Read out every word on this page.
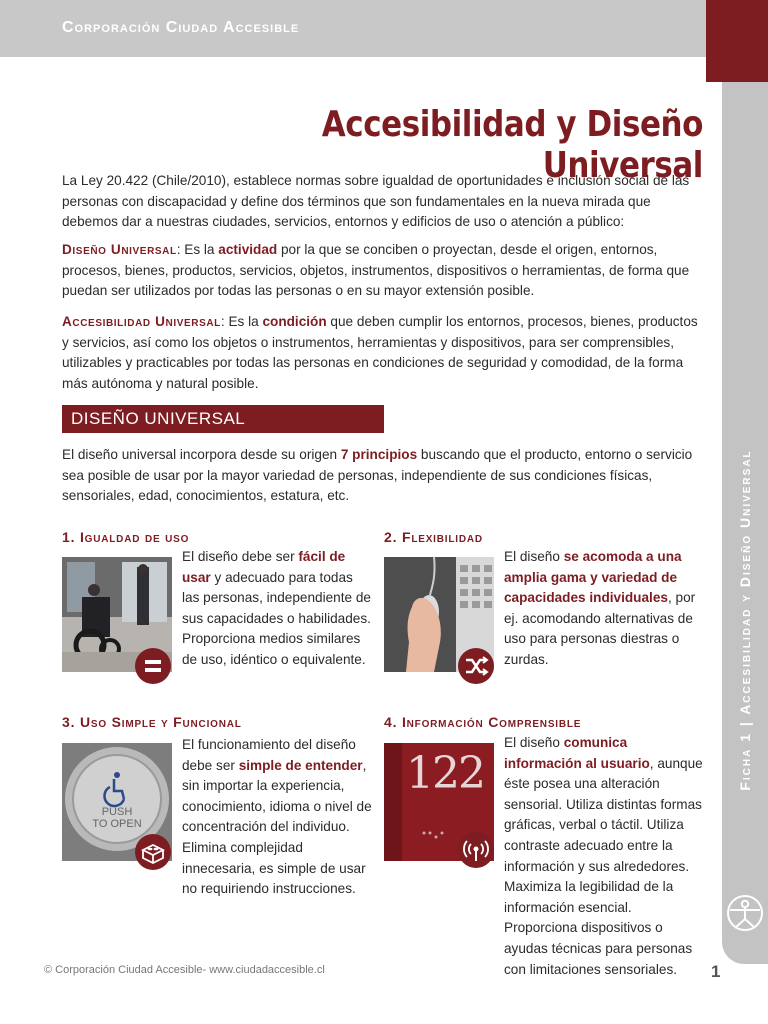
Corporación Ciudad Accesible
Ficha 1 | Accesibilidad y Diseño Universal
Accesibilidad y Diseño Universal
La Ley 20.422 (Chile/2010), establece normas sobre igualdad de oportunidades e inclusión social de las personas con discapacidad y define dos términos que son fundamentales en la nueva mirada que debemos dar a nuestras ciudades, servicios, entornos y edificios de uso o atención a público:
Diseño Universal: Es la actividad por la que se conciben o proyectan, desde el origen, entornos, procesos, bienes, productos, servicios, objetos, instrumentos, dispositivos o herramientas, de forma que puedan ser utilizados por todas las personas o en su mayor extensión posible.
Accesibilidad Universal: Es la condición que deben cumplir los entornos, procesos, bienes, productos y servicios, así como los objetos o instrumentos, herramientas y dispositivos, para ser comprensibles, utilizables y practicables por todas las personas en condiciones de seguridad y comodidad, de la forma más autónoma y natural posible.
DISEÑO UNIVERSAL
El diseño universal incorpora desde su origen 7 principios buscando que el producto, entorno o servicio sea posible de usar por la mayor variedad de personas, independiente de sus condiciones físicas, sensoriales, edad, conocimientos, estatura, etc.
1. Igualdad de uso
El diseño debe ser fácil de usar y adecuado para todas las personas, independiente de sus capacidades o habilidades. Proporciona medios similares de uso, idéntico o equivalente.
2. Flexibilidad
El diseño se acomoda a una amplia gama y variedad de capacidades individuales, por ej. acomodando alternativas de uso para personas diestras o zurdas.
3. Uso Simple y Funcional
PUSH
TO OPEN
El funcionamiento del diseño debe ser simple de entender, sin importar la experiencia, conocimiento, idioma o nivel de concentración del individuo. Elimina complejidad innecesaria, es simple de usar no requiriendo instrucciones.
4. Información Comprensible
122
El diseño comunica información al usuario, aunque éste posea una alteración sensorial. Utiliza distintas formas gráficas, verbal o táctil. Utiliza contraste adecuado entre la información y sus alrededores. Maximiza la legibilidad de la información esencial. Proporciona dispositivos o ayudas técnicas para personas con limitaciones sensoriales.
© Corporación Ciudad Accesible- www.ciudadaccesible.cl	1
